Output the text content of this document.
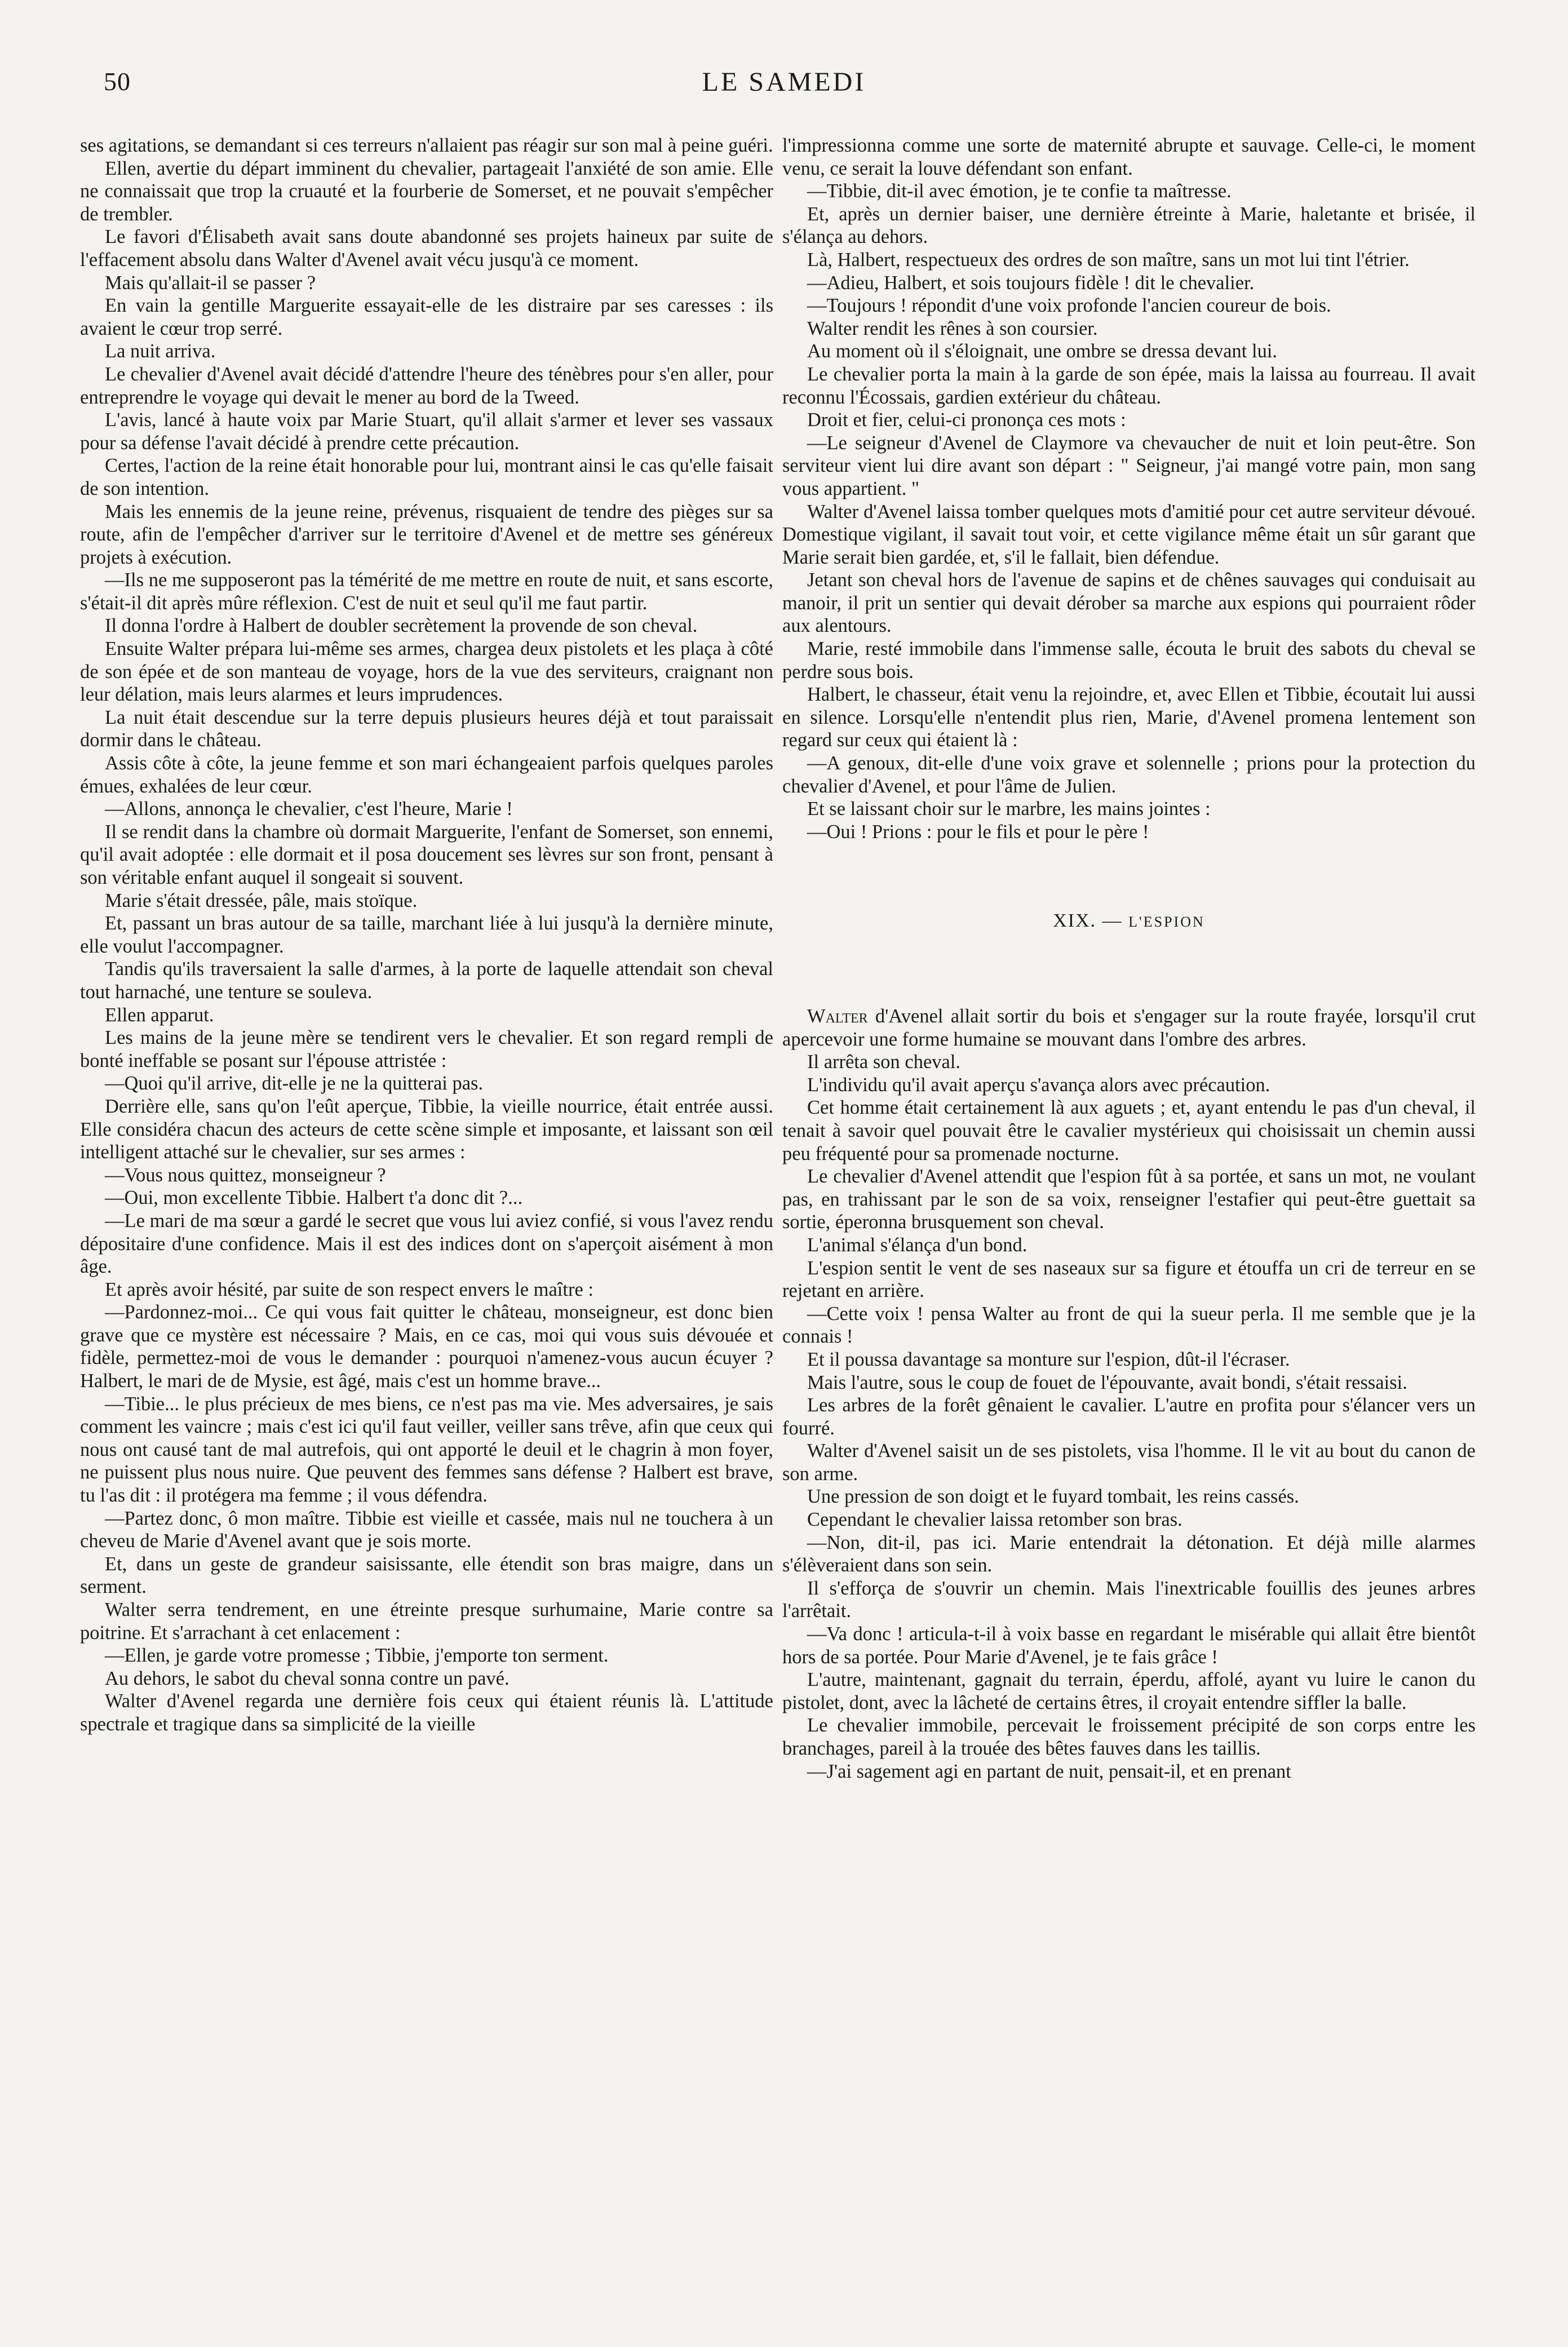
50	LE SAMEDI

ses agitations, se demandant si ces terreurs n'allaient pas réagir sur son mal à peine guéri.

Ellen, avertie du départ imminent du chevalier, partageait l'anxiété de son amie. Elle ne connaissait que trop la cruauté et la fourberie de Somerset, et ne pouvait s'empêcher de trembler.

Le favori d'Élisabeth avait sans doute abandonné ses projets haineux par suite de l'effacement absolu dans Walter d'Avenel avait vécu jusqu'à ce moment.

Mais qu'allait-il se passer ?

En vain la gentille Marguerite essayait-elle de les distraire par ses caresses : ils avaient le cœur trop serré.

La nuit arriva.

Le chevalier d'Avenel avait décidé d'attendre l'heure des ténèbres pour s'en aller, pour entreprendre le voyage qui devait le mener au bord de la Tweed.

L'avis, lancé à haute voix par Marie Stuart, qu'il allait s'armer et lever ses vassaux pour sa défense l'avait décidé à prendre cette précaution.

Certes, l'action de la reine était honorable pour lui, montrant ainsi le cas qu'elle faisait de son intention.

Mais les ennemis de la jeune reine, prévenus, risquaient de tendre des pièges sur sa route, afin de l'empêcher d'arriver sur le territoire d'Avenel et de mettre ses généreux projets à exécution.

—Ils ne me supposeront pas la témérité de me mettre en route de nuit, et sans escorte, s'était-il dit après mûre réflexion. C'est de nuit et seul qu'il me faut partir.

Il donna l'ordre à Halbert de doubler secrètement la provende de son cheval.

Ensuite Walter prépara lui-même ses armes, chargea deux pistolets et les plaça à côté de son épée et de son manteau de voyage, hors de la vue des serviteurs, craignant non leur délation, mais leurs alarmes et leurs imprudences.

La nuit était descendue sur la terre depuis plusieurs heures déjà et tout paraissait dormir dans le château.

Assis côte à côte, la jeune femme et son mari échangeaient parfois quelques paroles émues, exhalées de leur cœur.

—Allons, annonça le chevalier, c'est l'heure, Marie !

Il se rendit dans la chambre où dormait Marguerite, l'enfant de Somerset, son ennemi, qu'il avait adoptée : elle dormait et il posa doucement ses lèvres sur son front, pensant à son véritable enfant auquel il songeait si souvent.

Marie s'était dressée, pâle, mais stoïque.

Et, passant un bras autour de sa taille, marchant liée à lui jusqu'à la dernière minute, elle voulut l'accompagner.

Tandis qu'ils traversaient la salle d'armes, à la porte de laquelle attendait son cheval tout harnaché, une tenture se souleva.

Ellen apparut.

Les mains de la jeune mère se tendirent vers le chevalier. Et son regard rempli de bonté ineffable se posant sur l'épouse attristée :

—Quoi qu'il arrive, dit-elle je ne la quitterai pas.

Derrière elle, sans qu'on l'eût aperçue, Tibbie, la vieille nourrice, était entrée aussi. Elle considéra chacun des acteurs de cette scène simple et imposante, et laissant son œil intelligent attaché sur le chevalier, sur ses armes :

—Vous nous quittez, monseigneur ?

—Oui, mon excellente Tibbie. Halbert t'a donc dit ?...

—Le mari de ma sœur a gardé le secret que vous lui aviez confié, si vous l'avez rendu dépositaire d'une confidence. Mais il est des indices dont on s'aperçoit aisément à mon âge.

Et après avoir hésité, par suite de son respect envers le maître :

—Pardonnez-moi... Ce qui vous fait quitter le château, monseigneur, est donc bien grave que ce mystère est nécessaire ? Mais, en ce cas, moi qui vous suis dévouée et fidèle, permettez-moi de vous le demander : pourquoi n'amenez-vous aucun écuyer ? Halbert, le mari de de Mysie, est âgé, mais c'est un homme brave...

—Tibie... le plus précieux de mes biens, ce n'est pas ma vie. Mes adversaires, je sais comment les vaincre ; mais c'est ici qu'il faut veiller, veiller sans trêve, afin que ceux qui nous ont causé tant de mal autrefois, qui ont apporté le deuil et le chagrin à mon foyer, ne puissent plus nous nuire. Que peuvent des femmes sans défense ? Halbert est brave, tu l'as dit : il protégera ma femme ; il vous défendra.

—Partez donc, ô mon maître. Tibbie est vieille et cassée, mais nul ne touchera à un cheveu de Marie d'Avenel avant que je sois morte.

Et, dans un geste de grandeur saisissante, elle étendit son bras maigre, dans un serment.

Walter serra tendrement, en une étreinte presque surhumaine, Marie contre sa poitrine. Et s'arrachant à cet enlacement :

—Ellen, je garde votre promesse ; Tibbie, j'emporte ton serment.

Au dehors, le sabot du cheval sonna contre un pavé.

Walter d'Avenel regarda une dernière fois ceux qui étaient réunis là. L'attitude spectrale et tragique dans sa simplicité de la vieille

l'impressionna comme une sorte de maternité abrupte et sauvage. Celle-ci, le moment venu, ce serait la louve défendant son enfant.

—Tibbie, dit-il avec émotion, je te confie ta maîtresse.

Et, après un dernier baiser, une dernière étreinte à Marie, haletante et brisée, il s'élança au dehors.

Là, Halbert, respectueux des ordres de son maître, sans un mot lui tint l'étrier.

—Adieu, Halbert, et sois toujours fidèle ! dit le chevalier.

—Toujours ! répondit d'une voix profonde l'ancien coureur de bois.

Walter rendit les rênes à son coursier.

Au moment où il s'éloignait, une ombre se dressa devant lui.

Le chevalier porta la main à la garde de son épée, mais la laissa au fourreau. Il avait reconnu l'Écossais, gardien extérieur du château.

Droit et fier, celui-ci prononça ces mots :

—Le seigneur d'Avenel de Claymore va chevaucher de nuit et loin peut-être. Son serviteur vient lui dire avant son départ : " Seigneur, j'ai mangé votre pain, mon sang vous appartient. "

Walter d'Avenel laissa tomber quelques mots d'amitié pour cet autre serviteur dévoué. Domestique vigilant, il savait tout voir, et cette vigilance même était un sûr garant que Marie serait bien gardée, et, s'il le fallait, bien défendue.

Jetant son cheval hors de l'avenue de sapins et de chênes sauvages qui conduisait au manoir, il prit un sentier qui devait dérober sa marche aux espions qui pourraient rôder aux alentours.

Marie, resté immobile dans l'immense salle, écouta le bruit des sabots du cheval se perdre sous bois.

Halbert, le chasseur, était venu la rejoindre, et, avec Ellen et Tibbie, écoutait lui aussi en silence. Lorsqu'elle n'entendit plus rien, Marie, d'Avenel promena lentement son regard sur ceux qui étaient là :

—A genoux, dit-elle d'une voix grave et solennelle ; prions pour la protection du chevalier d'Avenel, et pour l'âme de Julien.

Et se laissant choir sur le marbre, les mains jointes :

—Oui ! Prions : pour le fils et pour le père !

XIX. — L'ESPION

Walter d'Avenel allait sortir du bois et s'engager sur la route frayée, lorsqu'il crut apercevoir une forme humaine se mouvant dans l'ombre des arbres.

Il arrêta son cheval.

L'individu qu'il avait aperçu s'avança alors avec précaution.

Cet homme était certainement là aux aguets ; et, ayant entendu le pas d'un cheval, il tenait à savoir quel pouvait être le cavalier mystérieux qui choisissait un chemin aussi peu fréquenté pour sa promenade nocturne.

Le chevalier d'Avenel attendit que l'espion fût à sa portée, et sans un mot, ne voulant pas, en trahissant par le son de sa voix, renseigner l'estafier qui peut-être guettait sa sortie, éperonna brusquement son cheval.

L'animal s'élança d'un bond.

L'espion sentit le vent de ses naseaux sur sa figure et étouffa un cri de terreur en se rejetant en arrière.

—Cette voix ! pensa Walter au front de qui la sueur perla. Il me semble que je la connais !

Et il poussa davantage sa monture sur l'espion, dût-il l'écraser.

Mais l'autre, sous le coup de fouet de l'épouvante, avait bondi, s'était ressaisi.

Les arbres de la forêt gênaient le cavalier. L'autre en profita pour s'élancer vers un fourré.

Walter d'Avenel saisit un de ses pistolets, visa l'homme. Il le vit au bout du canon de son arme.

Une pression de son doigt et le fuyard tombait, les reins cassés.

Cependant le chevalier laissa retomber son bras.

—Non, dit-il, pas ici. Marie entendrait la détonation. Et déjà mille alarmes s'élèveraient dans son sein.

Il s'efforça de s'ouvrir un chemin. Mais l'inextricable fouillis des jeunes arbres l'arrêtait.

—Va donc ! articula-t-il à voix basse en regardant le misérable qui allait être bientôt hors de sa portée. Pour Marie d'Avenel, je te fais grâce !

L'autre, maintenant, gagnait du terrain, éperdu, affolé, ayant vu luire le canon du pistolet, dont, avec la lâcheté de certains êtres, il croyait entendre siffler la balle.

Le chevalier immobile, percevait le froissement précipité de son corps entre les branchages, pareil à la trouée des bêtes fauves dans les taillis.

—J'ai sagement agi en partant de nuit, pensait-il, et en prenant
